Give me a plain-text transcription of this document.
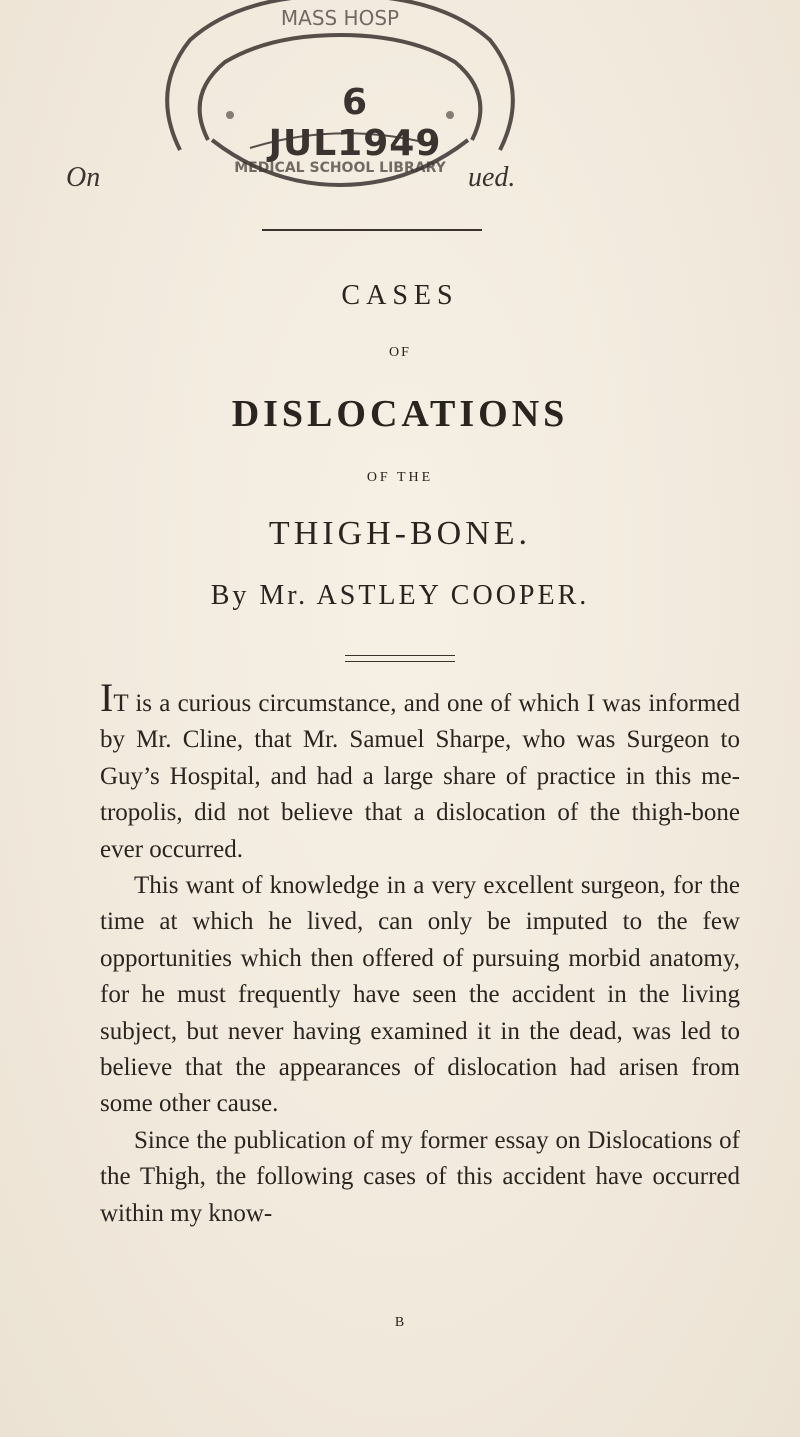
MASS HOSP
MEDICAL SCHOOL LIBRARY
6 JUL1949
On	ued.
CASES
OF
DISLOCATIONS
OF THE
THIGH-BONE.
By Mr. ASTLEY COOPER.

IT is a curious circumstance, and one of which I was informed by Mr. Cline, that Mr. Samuel Sharpe, who was Surgeon to Guy’s Hospital, and had a large share of practice in this metropolis, did not believe that a dislocation of the thigh-bone ever occurred.

This want of knowledge in a very excellent surgeon, for the time at which he lived, can only be imputed to the few opportunities which then offered of pursuing morbid anatomy, for he must frequently have seen the accident in the living subject, but never having examined it in the dead, was led to believe that the appearances of dislocation had arisen from some other cause.

Since the publication of my former essay on Dislocations of the Thigh, the following cases of this accident have occurred within my know-

B
